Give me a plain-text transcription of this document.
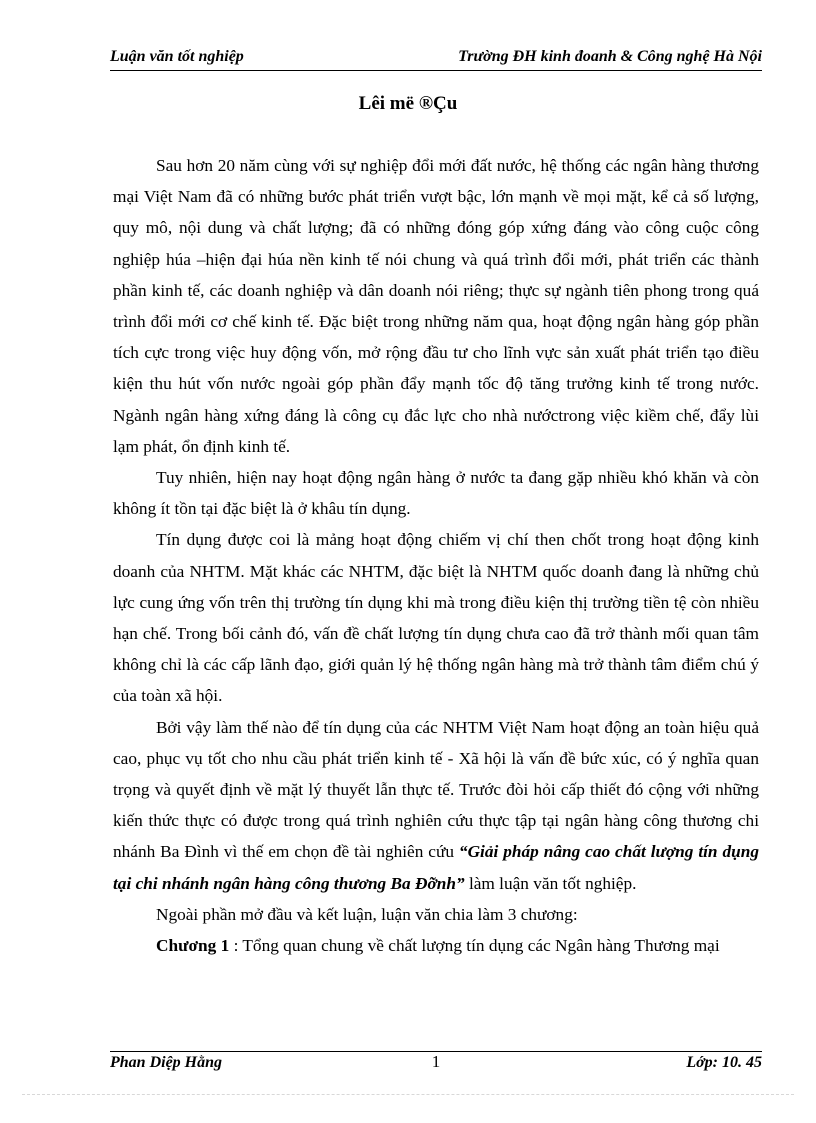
Luận văn tốt nghiệp	Trường ĐH kinh đoanh & Công nghệ Hà Nội
Lêi më ®Çu

Sau hơn 20 năm cùng với sự nghiệp đổi mới đất nước, hệ thống các ngân hàng thương mại Việt Nam đã có những bước phát triển vượt bậc, lớn mạnh về mọi mặt, kể cả số lượng, quy mô, nội dung và chất lượng; đã có những đóng góp xứng đáng vào công cuộc công nghiệp húa –hiện đại húa nền kinh tế nói chung và quá trình đổi mới, phát triển các thành phần kinh tế, các doanh nghiệp và dân doanh nói riêng; thực sự ngành tiên phong trong quá trình đổi mới cơ chế kinh tế. Đặc biệt trong những năm qua, hoạt động ngân hàng góp phần tích cực trong việc huy động vốn, mở rộng đầu tư cho lĩnh vực sản xuất phát triển tạo điều kiện thu hút vốn nước ngoài góp phần đẩy mạnh tốc độ tăng trưởng kinh tế trong nước. Ngành ngân hàng xứng đáng là công cụ đắc lực cho nhà nướctrong việc kiềm chế, đẩy lùi lạm phát, ổn định kinh tế.

Tuy nhiên, hiện nay hoạt động ngân hàng ở nước ta đang gặp nhiều khó khăn và còn không ít tồn tại đặc biệt là ở khâu tín dụng.

Tín dụng được coi là mảng hoạt động chiếm vị chí then chốt trong hoạt động kinh doanh của NHTM. Mặt khác các NHTM, đặc biệt là NHTM quốc doanh đang là những chủ lực cung ứng vốn trên thị trường tín dụng khi mà trong điều kiện thị trường tiền tệ còn nhiều hạn chế. Trong bối cảnh đó, vấn đề chất lượng tín dụng chưa cao đã trở thành mối quan tâm không chỉ là các cấp lãnh đạo, giới quản lý hệ thống ngân hàng mà trở thành tâm điểm chú ý của toàn xã hội.

Bởi vậy làm thế nào để tín dụng của các NHTM Việt Nam hoạt động an toàn hiệu quả cao, phục vụ tốt cho nhu cầu phát triển kinh tế - Xã hội là vấn đề bức xúc, có ý nghĩa quan trọng và quyết định về mặt lý thuyết lẫn thực tế. Trước đòi hỏi cấp thiết đó cộng với những kiến thức thực có được trong quá trình nghiên cứu thực tập tại ngân hàng công thương chi nhánh Ba Đình vì thế em chọn đề tài nghiên cứu “Giải pháp nâng cao chất lượng tín dụng tại chi nhánh ngân hàng công thương Ba Đỡnh” làm luận văn tốt nghiệp.

Ngoài phần mở đầu và kết luận, luận văn chia làm 3 chương:

Chương 1 : Tổng quan chung về chất lượng tín dụng các Ngân hàng Thương mại

Phan Diệp Hằng	1	Lớp: 10. 45
